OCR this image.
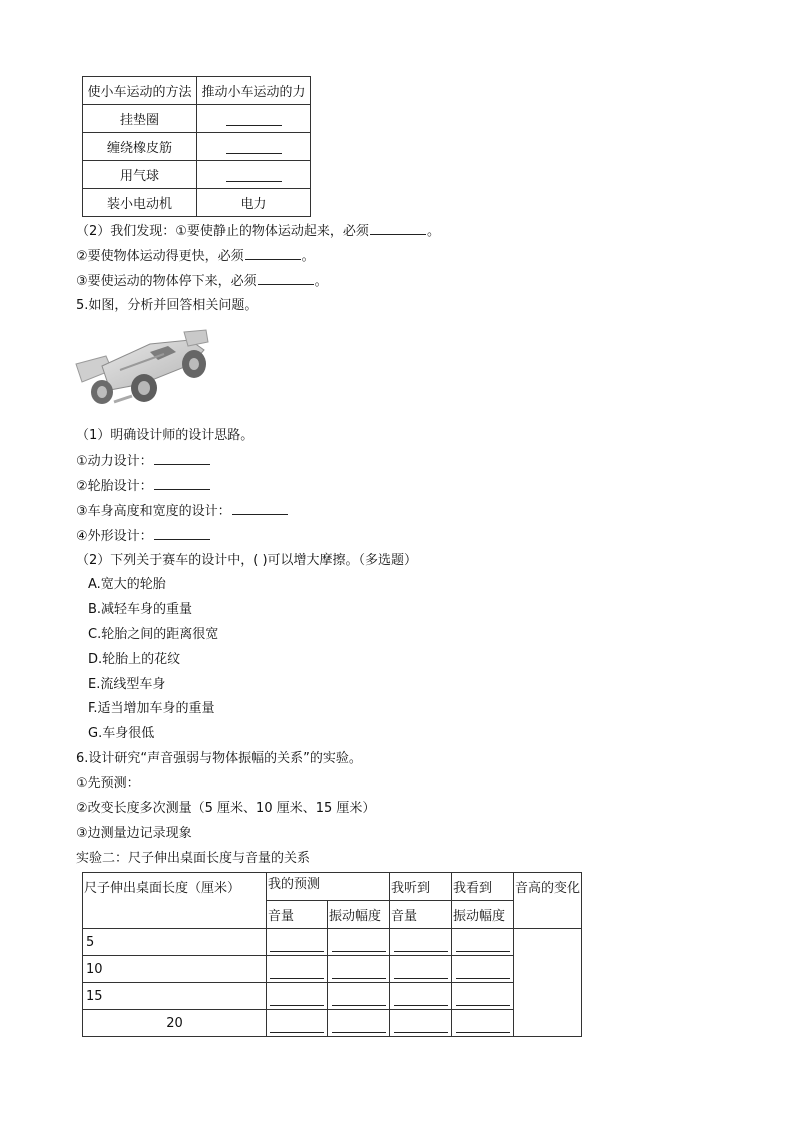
使小车运动的方法	推动小车运动的力
挂垫圈	
缠绕橡皮筋	
用气球	
装小电动机	电力
（2）我们发现：①要使静止的物体运动起来，必须	。
②要使物体运动得更快，必须	。
③要使运动的物体停下来，必须	。
5.如图，分析并回答相关问题。
（1）明确设计师的设计思路。
①动力设计：
②轮胎设计：
③车身高度和宽度的设计：
④外形设计：
（2）下列关于赛车的设计中，( )可以增大摩擦。（多选题）
A.宽大的轮胎
B.减轻车身的重量
C.轮胎之间的距离很宽
D.轮胎上的花纹
E.流线型车身
F.适当增加车身的重量
G.车身很低
6.设计研究“声音强弱与物体振幅的关系”的实验。
①先预测：
②改变长度多次测量（5 厘米、10 厘米、15 厘米）
③边测量边记录现象
实验二：尺子伸出桌面长度与音量的关系
尺子伸出桌面长度（厘米）	我的预测		我听到	我看到	音高的变化
	音量	振动幅度	音量	振动幅度	
5	

10		

15		

20		
